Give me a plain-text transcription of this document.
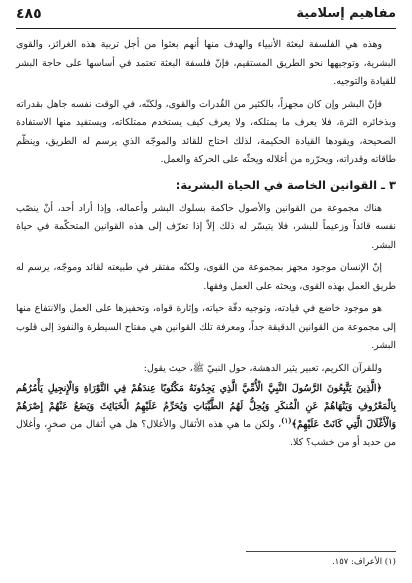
٤٨٥	مفاهيم إسلامية

وهذه هي الفلسفة لبعثة الأنبياء والهدف منها أنهم بعثوا من أجل تربية هذه الغرائز، والقوى البشرية، وتوجيهها نحو الطريق المستقيم، فإنّ فلسفة البعثة تعتمد في أساسها على حاجة البشر للقيادة والتوجيه.

فإنّ البشر وإن كان مجهزاً، بالكثير من القُدرات والقوى، ولكنّه، في الوقت نفسه جاهل بقدراته وبذخائره الثرة، فلا يعرف ما يمتلكه، ولا يعرف كيف يستخدم ممتلكاته، ويستفيد منها الاستفادة الصحيحة، ويقودها القيادة الحكيمة، لذلك احتاج للقائد والموجّه الذي يرسم له الطريق، وينظّم طاقاته وقدراته، ويحرّره من أغلاله ويحثّه على الحركة والعمل.

٣ ـ القوانين الخاصة في الحياة البشرية:

هناك مجموعة من القوانين والأصول حاكمة بسلوك البشر وأعماله، وإذا أراد أحد، أنْ ينصّب نفسه قائداً وزعيماً للبشر، فلا يتيسّر له ذلك إلاّ إذا تعرّف إلى هذه القوانين المتحكّمة في حياة البشر.

إنّ الإنسان موجود مجهز بمجموعة من القوى، ولكنّه مفتقر في طبيعته لقائد وموجّه، يرسم له طريق العمل بهذه القوى، ويحثه على العمل وفقها.

هو موجود خاضع في قيادته، وتوجيه دفّة حياته، وإثارة قواه، وتحفيزها على العمل والانتفاع منها إلى مجموعة من القوانين الدقيقة جداً، ومعرفة تلك القوانين هي مفتاح السيطرة والنفوذ إلى قلوب البشر.

وللقرآن الكريم، تعبير يثير الدهشة، حول النبيّ ﷺ، حيث يقول:

﴿الَّذِينَ يَتَّبِعُونَ الرَّسُولَ النَّبِيَّ الْأُمِّيَّ الَّذِي يَجِدُونَهُ مَكْتُوبًا عِندَهُمْ فِي التَّوْرَاةِ وَالْإِنجِيلِ يَأْمُرُهُم بِالْمَعْرُوفِ وَيَنْهَاهُمْ عَنِ الْمُنكَرِ وَيُحِلُّ لَهُمُ الطَّيِّبَاتِ وَيُحَرِّمُ عَلَيْهِمُ الْخَبَائِثَ وَيَضَعُ عَنْهُمْ إِصْرَهُمْ وَالْأَغْلَالَ الَّتِي كَانَتْ عَلَيْهِمْ﴾$^{(١)}$، ولكن ما هي هذه الأثقال والأغلال؟ هل هي أثقال من صخرٍ، وأغلال من حديد أو من خشب؟ كلا.

(١) الأعراف: ١٥٧.
